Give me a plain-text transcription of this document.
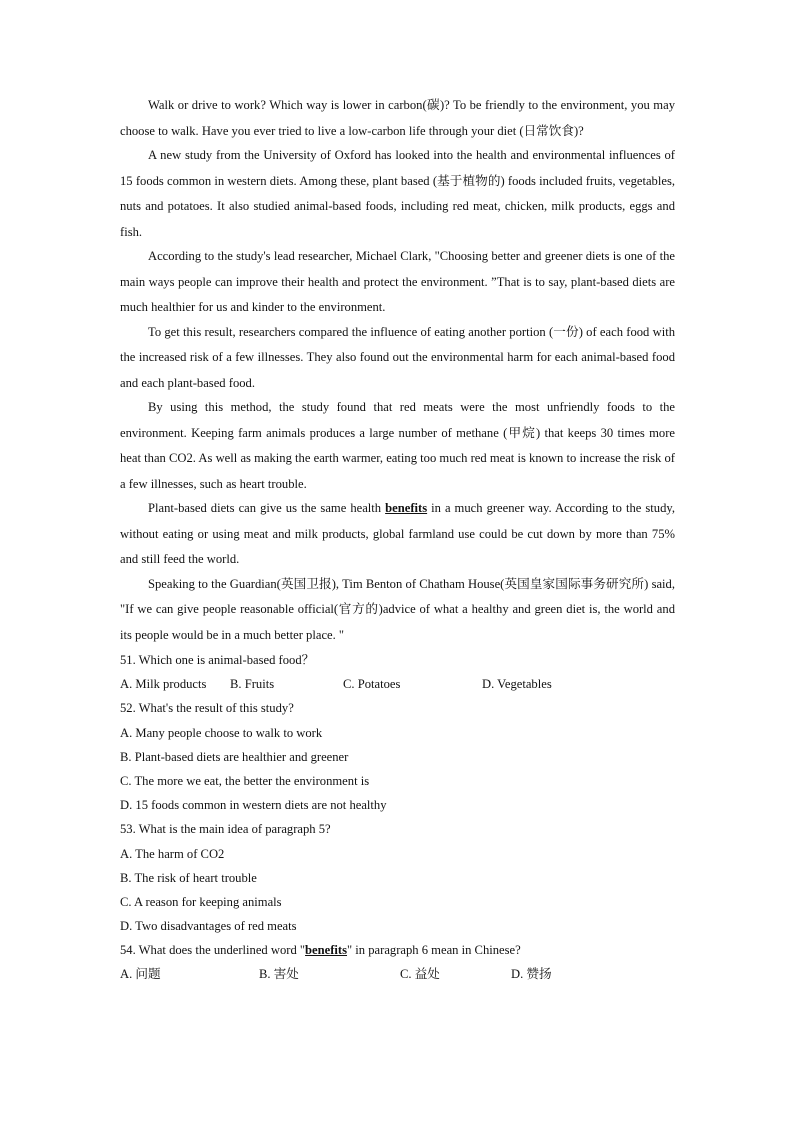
Walk or drive to work? Which way is lower in carbon(碳)? To be friendly to the environment, you may choose to walk. Have you ever tried to live a low-carbon life through your diet (日常饮食)?

A new study from the University of Oxford has looked into the health and environmental influences of 15 foods common in western diets. Among these, plant based (基于植物的) foods included fruits, vegetables, nuts and potatoes. It also studied animal-based foods, including red meat, chicken, milk products, eggs and fish.

According to the study's lead researcher, Michael Clark, "Choosing better and greener diets is one of the main ways people can improve their health and protect the environment. ”That is to say, plant-based diets are much healthier for us and kinder to the environment.

To get this result, researchers compared the influence of eating another portion (一份) of each food with the increased risk of a few illnesses. They also found out the environmental harm for each animal-based food and each plant-based food.

By using this method, the study found that red meats were the most unfriendly foods to the environment. Keeping farm animals produces a large number of methane (甲烷) that keeps 30 times more heat than CO2. As well as making the earth warmer, eating too much red meat is known to increase the risk of a few illnesses, such as heart trouble.

Plant-based diets can give us the same health benefits in a much greener way. According to the study, without eating or using meat and milk products, global farmland use could be cut down by more than 75% and still feed the world.

Speaking to the Guardian(英国卫报), Tim Benton of Chatham House(英国皇家国际事务研究所) said, "If we can give people reasonable official(官方的)advice of what a healthy and green diet is, the world and its people would be in a much better place. "

51. Which one is animal-based food？
A. Milk products B. Fruits	C. Potatoes	D. Vegetables
52. What's the result of this study?
A. Many people choose to walk to work
B. Plant-based diets are healthier and greener
C. The more we eat, the better the environment is
D. 15 foods common in western diets are not healthy
53. What is the main idea of paragraph 5?
A. The harm of CO2
B. The risk of heart trouble
C. A reason for keeping animals
D. Two disadvantages of red meats
54. What does the underlined word "benefits" in paragraph 6 mean in Chinese?
A. 问题	B. 害处	C. 益处	D. 赞扬
